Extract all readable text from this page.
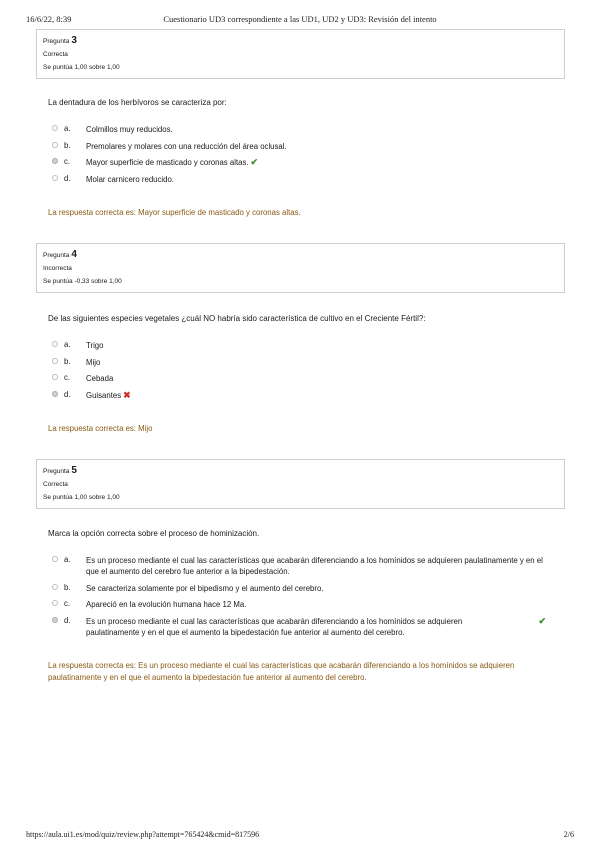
16/6/22, 8:39	Cuestionario UD3 correspondiente a las UD1, UD2 y UD3: Revisión del intento
Pregunta 3
Correcta
Se puntúa 1,00 sobre 1,00
La dentadura de los herbívoros se caracteriza por:
a.	Colmillos muy reducidos.
b.	Premolares y molares con una reducción del área oclusal.
c.	Mayor superficie de masticado y coronas altas. ✔
d.	Molar carnicero reducido.
La respuesta correcta es: Mayor superficie de masticado y coronas altas.
Pregunta 4
Incorrecta
Se puntúa -0,33 sobre 1,00
De las siguientes especies vegetales ¿cuál NO habría sido característica de cultivo en el Creciente Fértil?:
a.	Trigo
b.	Mijo
c.	Cebada
d.	Guisantes ✖
La respuesta correcta es: Mijo
Pregunta 5
Correcta
Se puntúa 1,00 sobre 1,00
Marca la opción correcta sobre el proceso de hominización.
a.	Es un proceso mediante el cual las características que acabarán diferenciando a los homínidos se adquieren paulatinamente y en el que el aumento del cerebro fue anterior a la bipedestación.
b.	Se caracteriza solamente por el bipedismo y el aumento del cerebro.
c.	Apareció en la evolución humana hace 12 Ma.
d.	Es un proceso mediante el cual las características que acabarán diferenciando a los homínidos se adquieren paulatinamente y en el que el aumento la bipedestación fue anterior al aumento del cerebro.
✔
La respuesta correcta es: Es un proceso mediante el cual las características que acabarán diferenciando a los homínidos se adquieren paulatinamente y en el que el aumento la bipedestación fue anterior al aumento del cerebro.
https://aula.ui1.es/mod/quiz/review.php?attempt=765424&cmid=817596	2/6
